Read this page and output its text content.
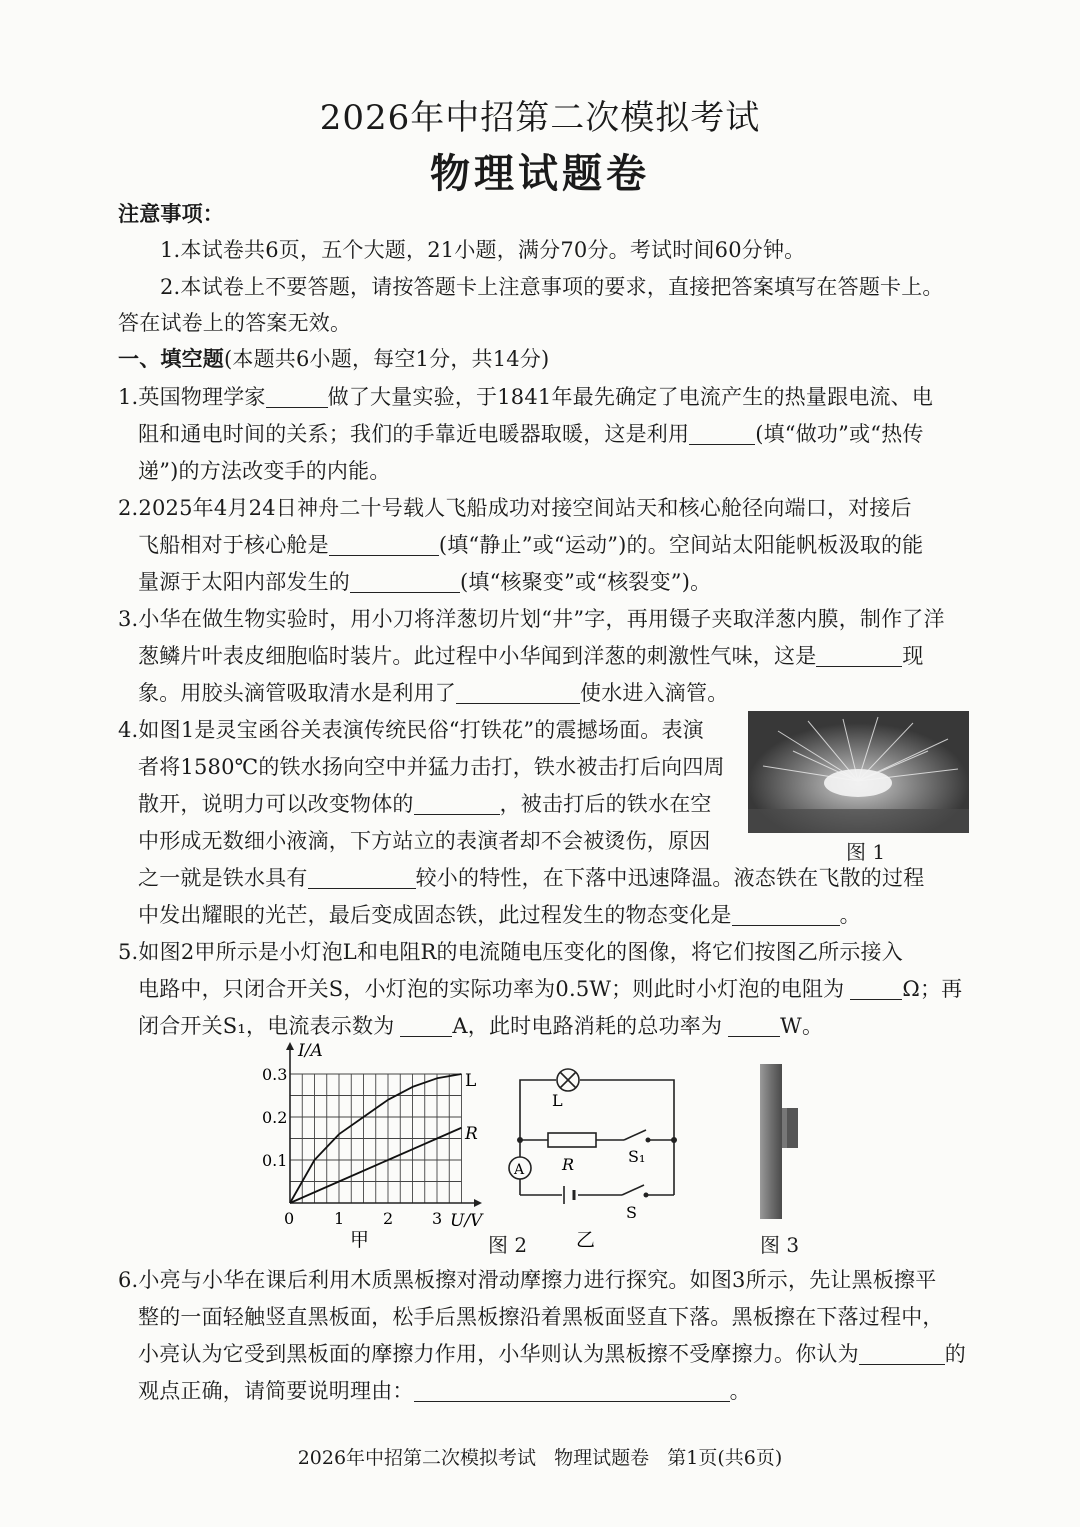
2026年中招第二次模拟考试
物理试题卷
注意事项：
1.本试卷共6页，五个大题，21小题，满分70分。考试时间60分钟。
2.本试卷上不要答题，请按答题卡上注意事项的要求，直接把答案填写在答题卡上。
答在试卷上的答案无效。
一、填空题(本题共6小题，每空1分，共14分)
1.英国物理学家	做了大量实验，于1841年最先确定了电流产生的热量跟电流、电
阻和通电时间的关系；我们的手靠近电暖器取暖，这是利用	(填“做功”或“热传
递”)的方法改变手的内能。
2.2025年4月24日神舟二十号载人飞船成功对接空间站天和核心舱径向端口，对接后
飞船相对于核心舱是	(填“静止”或“运动”)的。空间站太阳能帆板汲取的能
量源于太阳内部发生的	(填“核聚变”或“核裂变”)。
3.小华在做生物实验时，用小刀将洋葱切片划“井”字，再用镊子夹取洋葱内膜，制作了洋
葱鳞片叶表皮细胞临时装片。此过程中小华闻到洋葱的刺激性气味，这是	现
象。用胶头滴管吸取清水是利用了	使水进入滴管。
4.如图1是灵宝函谷关表演传统民俗“打铁花”的震撼场面。表演
者将1580℃的铁水扬向空中并猛力击打，铁水被击打后向四周
散开，说明力可以改变物体的	，被击打后的铁水在空
中形成无数细小液滴，下方站立的表演者却不会被烫伤，原因
之一就是铁水具有	较小的特性，在下落中迅速降温。液态铁在飞散的过程
中发出耀眼的光芒，最后变成固态铁，此过程发生的物态变化是	。
图 1
5.如图2甲所示是小灯泡L和电阻R的电流随电压变化的图像，将它们按图乙所示接入
电路中，只闭合开关S，小灯泡的实际功率为0.5W；则此时小灯泡的电阻为	Ω；再
闭合开关S₁，电流表示数为	A，此时电路消耗的总功率为	W。
I/A
U/V
0.3
0.2
0.1
0 1 2 3
L
R
甲
L
R
A
S₁
S
乙
图 2	图 3
6.小亮与小华在课后利用木质黑板擦对滑动摩擦力进行探究。如图3所示，先让黑板擦平
整的一面轻触竖直黑板面，松手后黑板擦沿着黑板面竖直下落。黑板擦在下落过程中，
小亮认为它受到黑板面的摩擦力作用，小华则认为黑板擦不受摩擦力。你认为	的
观点正确，请简要说明理由：	。
2026年中招第二次模拟考试   物理试题卷   第1页(共6页)
